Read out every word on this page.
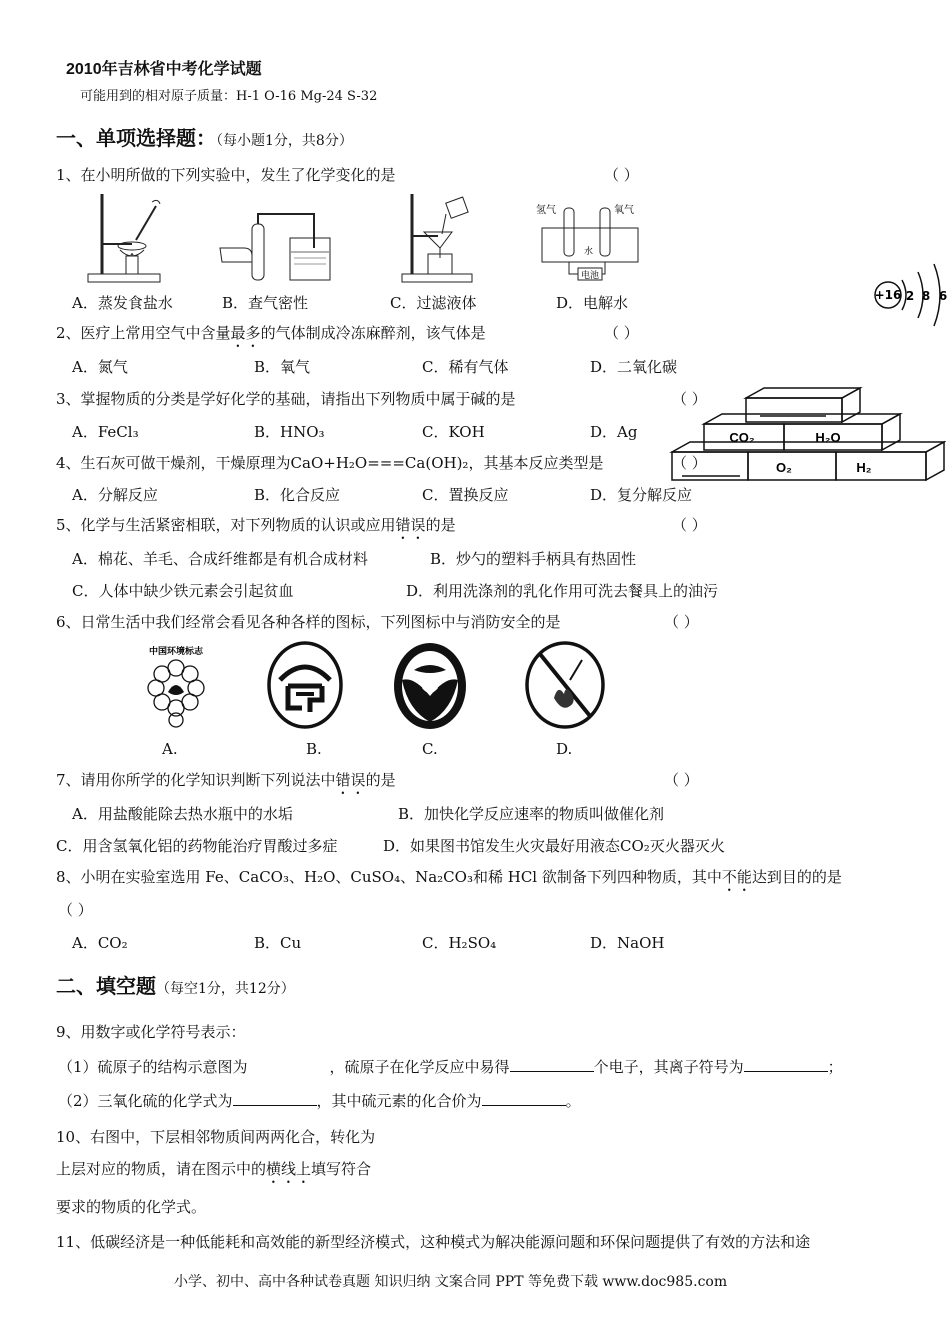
2010年吉林省中考化学试题
可能用到的相对原子质量：H-1 O-16 Mg-24 S-32
一、单项选择题：（每小题1分，共8分）
1、在小明所做的下列实验中，发生了化学变化的是	（ ）
氢气	氧气
水
电池
A．蒸发食盐水	B．查气密性	C．过滤液体	D．电解水	+16 2 8 6
2、医疗上常用空气中含量最多的气体制成冷冻麻醉剂，该气体是	（ ）
A．氮气	B．氧气	C．稀有气体	D．二氧化碳
3、掌握物质的分类是学好化学的基础，请指出下列物质中属于碱的是	（ ）
A．FeCl₃	B．HNO₃	C．KOH	D．Ag	CO₂	H₂O
O₂	H₂
4、生石灰可做干燥剂，干燥原理为CaO+H₂O===Ca(OH)₂，其基本反应类型是	（ ）
A．分解反应	B．化合反应	C．置换反应	D．复分解反应
5、化学与生活紧密相联，对下列物质的认识或应用错误的是	（ ）
A．棉花、羊毛、合成纤维都是有机合成材料	B．炒勺的塑料手柄具有热固性
C．人体中缺少铁元素会引起贫血	D．利用洗涤剂的乳化作用可洗去餐具上的油污
6、日常生活中我们经常会看见各种各样的图标，下列图标中与消防安全的是	（ ）
中国环境标志
A.	B.	C.	D.
7、请用你所学的化学知识判断下列说法中错误的是	（ ）
A．用盐酸能除去热水瓶中的水垢	B．加快化学反应速率的物质叫做催化剂
C．用含氢氧化铝的药物能治疗胃酸过多症	D．如果图书馆发生火灾最好用液态CO₂灭火器灭火
8、小明在实验室选用 Fe、CaCO₃、H₂O、CuSO₄、Na₂CO₃和稀 HCl 欲制备下列四种物质，其中不能达到目的的是
（ ）
A．CO₂	B．Cu	C．H₂SO₄	D．NaOH
二、填空题（每空1分，共12分）
9、用数字或化学符号表示：
（1）硫原子的结构示意图为	，硫原子在化学反应中易得	个电子，其离子符号为	；
（2）三氧化硫的化学式为	，其中硫元素的化合价为	。
10、右图中，下层相邻物质间两两化合，转化为
上层对应的物质，请在图示中的横线上填写符合
要求的物质的化学式。
11、低碳经济是一种低能耗和高效能的新型经济模式，这种模式为解决能源问题和环保问题提供了有效的方法和途
小学、初中、高中各种试卷真题 知识归纳 文案合同 PPT 等免费下载 www.doc985.com
